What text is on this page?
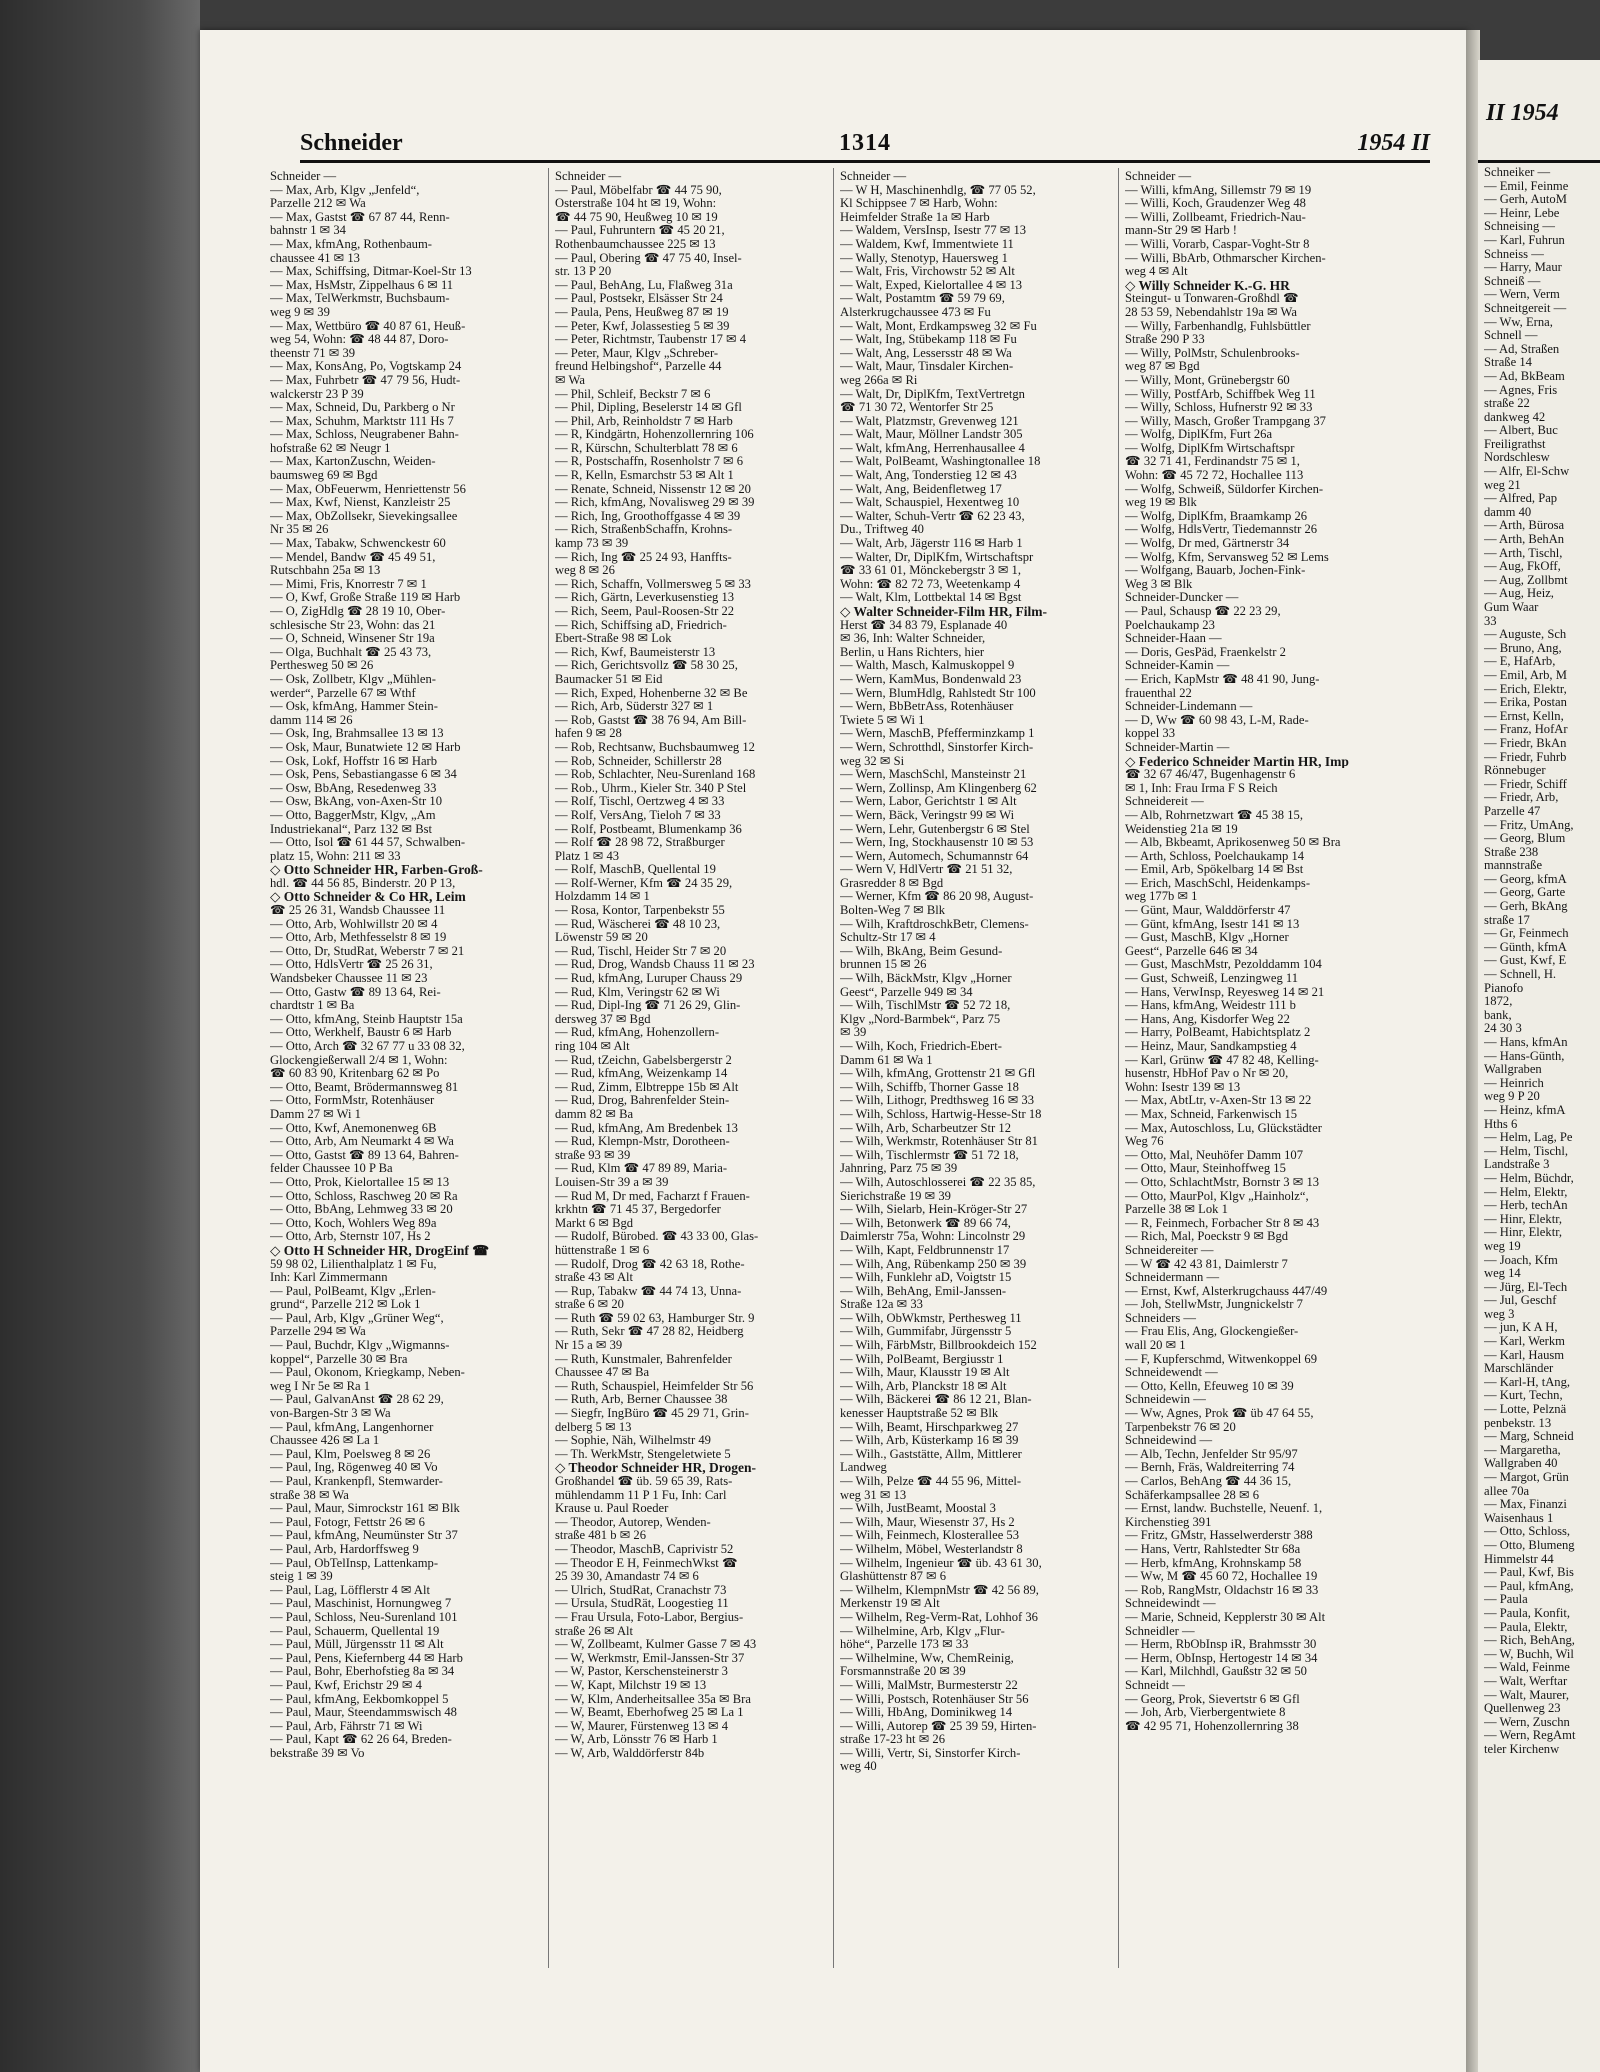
Schneider	1314	1954 II
Schneider —
— Max, Arb, Klgv „Jenfeld“,
Parzelle 212 ✉ Wa
— Max, Gastst ☎ 67 87 44, Renn-
bahnstr 1 ✉ 34
— Max, kfmAng, Rothenbaum-
chaussee 41 ✉ 13
— Max, Schiffsing, Ditmar-Koel-Str 13
— Max, HsMstr, Zippelhaus 6 ✉ 11
— Max, TelWerkmstr, Buchsbaum-
weg 9 ✉ 39
— Max, Wettbüro ☎ 40 87 61, Heuß-
weg 54, Wohn: ☎ 48 44 87, Doro-
theenstr 71 ✉ 39
— Max, KonsAng, Po, Vogtskamp 24
— Max, Fuhrbetr ☎ 47 79 56, Hudt-
walckerstr 23 P 39
— Max, Schneid, Du, Parkberg o Nr
— Max, Schuhm, Marktstr 111 Hs 7
— Max, Schloss, Neugrabener Bahn-
hofstraße 62 ✉ Neugr 1
— Max, KartonZuschn, Weiden-
baumsweg 69 ✉ Bgd
— Max, ObFeuerwm, Henriettenstr 56
— Max, Kwf, Nienst, Kanzleistr 25
— Max, ObZollsekr, Sievekingsallee
Nr 35 ✉ 26
— Max, Tabakw, Schwenckestr 60
— Mendel, Bandw ☎ 45 49 51,
Rutschbahn 25a ✉ 13
— Mimi, Fris, Knorrestr 7 ✉ 1
— O, Kwf, Große Straße 119 ✉ Harb
— O, ZigHdlg ☎ 28 19 10, Ober-
schlesische Str 23, Wohn: das 21
— O, Schneid, Winsener Str 19a
— Olga, Buchhalt ☎ 25 43 73,
Perthesweg 50 ✉ 26
— Osk, Zollbetr, Klgv „Mühlen-
werder“, Parzelle 67 ✉ Wthf
— Osk, kfmAng, Hammer Stein-
damm 114 ✉ 26
— Osk, Ing, Brahmsallee 13 ✉ 13
— Osk, Maur, Bunatwiete 12 ✉ Harb
— Osk, Lokf, Hoffstr 16 ✉ Harb
— Osk, Pens, Sebastiangasse 6 ✉ 34
— Osw, BbAng, Resedenweg 33
— Osw, BkAng, von-Axen-Str 10
— Otto, BaggerMstr, Klgv, „Am
Industriekanal“, Parz 132 ✉ Bst
— Otto, Isol ☎ 61 44 57, Schwalben-
platz 15, Wohn: 211 ✉ 33
◇ Otto Schneider HR, Farben-Groß-
hdl. ☎ 44 56 85, Binderstr. 20 P 13,
◇ Otto Schneider & Co HR, Leim
☎ 25 26 31, Wandsb Chaussee 11
— Otto, Arb, Wohlwillstr 20 ✉ 4
— Otto, Arb, Methfesselstr 8 ✉ 19
— Otto, Dr, StudRat, Weberstr 7 ✉ 21
— Otto, HdlsVertr ☎ 25 26 31,
Wandsbeker Chaussee 11 ✉ 23
— Otto, Gastw ☎ 89 13 64, Rei-
chardtstr 1 ✉ Ba
— Otto, kfmAng, Steinb Hauptstr 15a
— Otto, Werkhelf, Baustr 6 ✉ Harb
— Otto, Arch ☎ 32 67 77 u 33 08 32,
Glockengießerwall 2/4 ✉ 1, Wohn:
☎ 60 83 90, Kritenbarg 62 ✉ Po
— Otto, Beamt, Brödermannsweg 81
— Otto, FormMstr, Rotenhäuser
Damm 27 ✉ Wi 1
— Otto, Kwf, Anemonenweg 6B
— Otto, Arb, Am Neumarkt 4 ✉ Wa
— Otto, Gastst ☎ 89 13 64, Bahren-
felder Chaussee 10 P Ba
— Otto, Prok, Kielortallee 15 ✉ 13
— Otto, Schloss, Raschweg 20 ✉ Ra
— Otto, BbAng, Lehmweg 33 ✉ 20
— Otto, Koch, Wohlers Weg 89a
— Otto, Arb, Sternstr 107, Hs 2
◇ Otto H Schneider HR, DrogEinf ☎
59 98 02, Lilienthalplatz 1 ✉ Fu,
Inh: Karl Zimmermann
— Paul, PolBeamt, Klgv „Erlen-
grund“, Parzelle 212 ✉ Lok 1
— Paul, Arb, Klgv „Grüner Weg“,
Parzelle 294 ✉ Wa
— Paul, Buchdr, Klgv „Wigmanns-
koppel“, Parzelle 30 ✉ Bra
— Paul, Okonom, Kriegkamp, Neben-
weg I Nr 5e ✉ Ra 1
— Paul, GalvanAnst ☎ 28 62 29,
von-Bargen-Str 3 ✉ Wa
— Paul, kfmAng, Langenhorner
Chaussee 426 ✉ La 1
— Paul, Klm, Poelsweg 8 ✉ 26
— Paul, Ing, Rögenweg 40 ✉ Vo
— Paul, Krankenpfl, Stemwarder-
straße 38 ✉ Wa
— Paul, Maur, Simrockstr 161 ✉ Blk
— Paul, Fotogr, Fettstr 26 ✉ 6
— Paul, kfmAng, Neumünster Str 37
— Paul, Arb, Hardorffsweg 9
— Paul, ObTelInsp, Lattenkamp-
steig 1 ✉ 39
— Paul, Lag, Löfflerstr 4 ✉ Alt
— Paul, Maschinist, Hornungweg 7
— Paul, Schloss, Neu-Surenland 101
— Paul, Schauerm, Quellental 19
— Paul, Müll, Jürgensstr 11 ✉ Alt
— Paul, Pens, Kiefernberg 44 ✉ Harb
— Paul, Bohr, Eberhofstieg 8a ✉ 34
— Paul, Kwf, Erichstr 29 ✉ 4
— Paul, kfmAng, Eekbomkoppel 5
— Paul, Maur, Steendammswisch 48
— Paul, Arb, Fährstr 71 ✉ Wi
— Paul, Kapt ☎ 62 26 64, Breden-
bekstraße 39 ✉ Vo
Schneider —
— Paul, Möbelfabr ☎ 44 75 90,
Osterstraße 104 ht ✉ 19, Wohn:
☎ 44 75 90, Heußweg 10 ✉ 19
— Paul, Fuhruntern ☎ 45 20 21,
Rothenbaumchaussee 225 ✉ 13
— Paul, Obering ☎ 47 75 40, Insel-
str. 13 P 20
— Paul, BehAng, Lu, Flaßweg 31a
— Paul, Postsekr, Elsässer Str 24
— Paula, Pens, Heußweg 87 ✉ 19
— Peter, Kwf, Jolassestieg 5 ✉ 39
— Peter, Richtmstr, Taubenstr 17 ✉ 4
— Peter, Maur, Klgv „Schreber-
freund Helbingshof“, Parzelle 44
✉ Wa
— Phil, Schleif, Beckstr 7 ✉ 6
— Phil, Dipling, Beselerstr 14 ✉ Gfl
— Phil, Arb, Reinholdstr 7 ✉ Harb
— R, Kindgärtn, Hohenzollernring 106
— R, Kürschn, Schulterblatt 78 ✉ 6
— R, Postschaffn, Rosenholstr 7 ✉ 6
— R, Kelln, Esmarchstr 53 ✉ Alt 1
— Renate, Schneid, Nissenstr 12 ✉ 20
— Rich, kfmAng, Novalisweg 29 ✉ 39
— Rich, Ing, Groothoffgasse 4 ✉ 39
— Rich, StraßenbSchaffn, Krohns-
kamp 73 ✉ 39
— Rich, Ing ☎ 25 24 93, Hanffts-
weg 8 ✉ 26
— Rich, Schaffn, Vollmersweg 5 ✉ 33
— Rich, Gärtn, Leverkusenstieg 13
— Rich, Seem, Paul-Roosen-Str 22
— Rich, Schiffsing aD, Friedrich-
Ebert-Straße 98 ✉ Lok
— Rich, Kwf, Baumeisterstr 13
— Rich, Gerichtsvollz ☎ 58 30 25,
Baumacker 51 ✉ Eid
— Rich, Exped, Hohenberne 32 ✉ Be
— Rich, Arb, Süderstr 327 ✉ 1
— Rob, Gastst ☎ 38 76 94, Am Bill-
hafen 9 ✉ 28
— Rob, Rechtsanw, Buchsbaumweg 12
— Rob, Schneider, Schillerstr 28
— Rob, Schlachter, Neu-Surenland 168
— Rob., Uhrm., Kieler Str. 340 P Stel
— Rolf, Tischl, Oertzweg 4 ✉ 33
— Rolf, VersAng, Tieloh 7 ✉ 33
— Rolf, Postbeamt, Blumenkamp 36
— Rolf ☎ 28 98 72, Straßburger
Platz 1 ✉ 43
— Rolf, MaschB, Quellental 19
— Rolf-Werner, Kfm ☎ 24 35 29,
Holzdamm 14 ✉ 1
— Rosa, Kontor, Tarpenbekstr 55
— Rud, Wäscherei ☎ 48 10 23,
Löwenstr 59 ✉ 20
— Rud, Tischl, Heider Str 7 ✉ 20
— Rud, Drog, Wandsb Chauss 11 ✉ 23
— Rud, kfmAng, Luruper Chauss 29
— Rud, Klm, Veringstr 62 ✉ Wi
— Rud, Dipl-Ing ☎ 71 26 29, Glin-
dersweg 37 ✉ Bgd
— Rud, kfmAng, Hohenzollern-
ring 104 ✉ Alt
— Rud, tZeichn, Gabelsbergerstr 2
— Rud, kfmAng, Weizenkamp 14
— Rud, Zimm, Elbtreppe 15b ✉ Alt
— Rud, Drog, Bahrenfelder Stein-
damm 82 ✉ Ba
— Rud, kfmAng, Am Bredenbek 13
— Rud, Klempn-Mstr, Dorotheen-
straße 93 ✉ 39
— Rud, Klm ☎ 47 89 89, Maria-
Louisen-Str 39 a ✉ 39
— Rud M, Dr med, Facharzt f Frauen-
krkhtn ☎ 71 45 37, Bergedorfer
Markt 6 ✉ Bgd
— Rudolf, Bürobed. ☎ 43 33 00, Glas-
hüttenstraße 1 ✉ 6
— Rudolf, Drog ☎ 42 63 18, Rothe-
straße 43 ✉ Alt
— Rup, Tabakw ☎ 44 74 13, Unna-
straße 6 ✉ 20
— Ruth ☎ 59 02 63, Hamburger Str. 9
— Ruth, Sekr ☎ 47 28 82, Heidberg
Nr 15 a ✉ 39
— Ruth, Kunstmaler, Bahrenfelder
Chaussee 47 ✉ Ba
— Ruth, Schauspiel, Heimfelder Str 56
— Ruth, Arb, Berner Chaussee 38
— Siegfr, IngBüro ☎ 45 29 71, Grin-
delberg 5 ✉ 13
— Sophie, Näh, Wilhelmstr 49
— Th. WerkMstr, Stengeletwiete 5
◇ Theodor Schneider HR, Drogen-
Großhandel ☎ üb. 59 65 39, Rats-
mühlendamm 11 P 1 Fu, Inh: Carl
Krause u. Paul Roeder
— Theodor, Autorep, Wenden-
straße 481 b ✉ 26
— Theodor, MaschB, Caprivistr 52
— Theodor E H, FeinmechWkst ☎
25 39 30, Amandastr 74 ✉ 6
— Ulrich, StudRat, Cranachstr 73
— Ursula, StudRät, Loogestieg 11
— Frau Ursula, Foto-Labor, Bergius-
straße 26 ✉ Alt
— W, Zollbeamt, Kulmer Gasse 7 ✉ 43
— W, Werkmstr, Emil-Janssen-Str 37
— W, Pastor, Kerschensteinerstr 3
— W, Kapt, Milchstr 19 ✉ 13
— W, Klm, Anderheitsallee 35a ✉ Bra
— W, Beamt, Eberhofweg 25 ✉ La 1
— W, Maurer, Fürstenweg 13 ✉ 4
— W, Arb, Lönsstr 76 ✉ Harb 1
— W, Arb, Walddörferstr 84b
Schneider —
— W H, Maschinenhdlg, ☎ 77 05 52,
Kl Schippsee 7 ✉ Harb, Wohn:
Heimfelder Straße 1a ✉ Harb
— Waldem, VersInsp, Isestr 77 ✉ 13
— Waldem, Kwf, Immentwiete 11
— Wally, Stenotyp, Hauersweg 1
— Walt, Fris, Virchowstr 52 ✉ Alt
— Walt, Exped, Kielortallee 4 ✉ 13
— Walt, Postamtm ☎ 59 79 69,
Alsterkrugchaussee 473 ✉ Fu
— Walt, Mont, Erdkampsweg 32 ✉ Fu
— Walt, Ing, Stübekamp 118 ✉ Fu
— Walt, Ang, Lessersstr 48 ✉ Wa
— Walt, Maur, Tinsdaler Kirchen-
weg 266a ✉ Ri
— Walt, Dr, DiplKfm, TextVertretgn
☎ 71 30 72, Wentorfer Str 25
— Walt, Platzmstr, Grevenweg 121
— Walt, Maur, Möllner Landstr 305
— Walt, kfmAng, Herrenhausallee 4
— Walt, PolBeamt, Washingtonallee 18
— Walt, Ang, Tonderstieg 12 ✉ 43
— Walt, Ang, Beidenfletweg 17
— Walt, Schauspiel, Hexentweg 10
— Walter, Schuh-Vertr ☎ 62 23 43,
Du., Triftweg 40
— Walt, Arb, Jägerstr 116 ✉ Harb 1
— Walter, Dr, DiplKfm, Wirtschaftspr
☎ 33 61 01, Mönckebergstr 3 ✉ 1,
Wohn: ☎ 82 72 73, Weetenkamp 4
— Walt, Klm, Lottbektal 14 ✉ Bgst
◇ Walter Schneider-Film HR, Film-
Herst ☎ 34 83 79, Esplanade 40
✉ 36, Inh: Walter Schneider,
Berlin, u Hans Richters, hier
— Walth, Masch, Kalmuskoppel 9
— Wern, KamMus, Bondenwald 23
— Wern, BlumHdlg, Rahlstedt Str 100
— Wern, BbBetrAss, Rotenhäuser
Twiete 5 ✉ Wi 1
— Wern, MaschB, Pfefferminzkamp 1
— Wern, Schrotthdl, Sinstorfer Kirch-
weg 32 ✉ Si
— Wern, MaschSchl, Mansteinstr 21
— Wern, Zollinsp, Am Klingenberg 62
— Wern, Labor, Gerichtstr 1 ✉ Alt
— Wern, Bäck, Veringstr 99 ✉ Wi
— Wern, Lehr, Gutenbergstr 6 ✉ Stel
— Wern, Ing, Stockhausenstr 10 ✉ 53
— Wern, Automech, Schumannstr 64
— Wern V, HdlVertr ☎ 21 51 32,
Grasredder 8 ✉ Bgd
— Werner, Kfm ☎ 86 20 98, August-
Bolten-Weg 7 ✉ Blk
— Wilh, KraftdroschkBetr, Clemens-
Schultz-Str 17 ✉ 4
— Wilh, BkAng, Beim Gesund-
brunnen 15 ✉ 26
— Wilh, BäckMstr, Klgv „Horner
Geest“, Parzelle 949 ✉ 34
— Wilh, TischlMstr ☎ 52 72 18,
Klgv „Nord-Barmbek“, Parz 75
✉ 39
— Wilh, Koch, Friedrich-Ebert-
Damm 61 ✉ Wa 1
— Wilh, kfmAng, Grottenstr 21 ✉ Gfl
— Wilh, Schiffb, Thorner Gasse 18
— Wilh, Lithogr, Predthsweg 16 ✉ 33
— Wilh, Schloss, Hartwig-Hesse-Str 18
— Wilh, Arb, Scharbeutzer Str 12
— Wilh, Werkmstr, Rotenhäuser Str 81
— Wilh, Tischlermstr ☎ 51 72 18,
Jahnring, Parz 75 ✉ 39
— Wilh, Autoschlosserei ☎ 22 35 85,
Sierichstraße 19 ✉ 39
— Wilh, Sielarb, Hein-Kröger-Str 27
— Wilh, Betonwerk ☎ 89 66 74,
Daimlerstr 75a, Wohn: Lincolnstr 29
— Wilh, Kapt, Feldbrunnenstr 17
— Wilh, Ang, Rübenkamp 250 ✉ 39
— Wilh, Funklehr aD, Voigtstr 15
— Wilh, BehAng, Emil-Janssen-
Straße 12a ✉ 33
— Wilh, ObWkmstr, Perthesweg 11
— Wilh, Gummifabr, Jürgensstr 5
— Wilh, FärbMstr, Billbrookdeich 152
— Wilh, PolBeamt, Bergiusstr 1
— Wilh, Maur, Klausstr 19 ✉ Alt
— Wilh, Arb, Planckstr 18 ✉ Alt
— Wilh, Bäckerei ☎ 86 12 21, Blan-
kenesser Hauptstraße 52 ✉ Blk
— Wilh, Beamt, Hirschparkweg 27
— Wilh, Arb, Küsterkamp 16 ✉ 39
— Wilh., Gaststätte, Allm, Mittlerer
Landweg
— Wilh, Pelze ☎ 44 55 96, Mittel-
weg 31 ✉ 13
— Wilh, JustBeamt, Moostal 3
— Wilh, Maur, Wiesenstr 37, Hs 2
— Wilh, Feinmech, Klosterallee 53
— Wilhelm, Möbel, Westerlandstr 8
— Wilhelm, Ingenieur ☎ üb. 43 61 30,
Glashüttenstr 87 ✉ 6
— Wilhelm, KlempnMstr ☎ 42 56 89,
Merkenstr 19 ✉ Alt
— Wilhelm, Reg-Verm-Rat, Lohhof 36
— Wilhelmine, Arb, Klgv „Flur-
höhe“, Parzelle 173 ✉ 33
— Wilhelmine, Ww, ChemReinig,
Forsmannstraße 20 ✉ 39
— Willi, MalMstr, Burmesterstr 22
— Willi, Postsch, Rotenhäuser Str 56
— Willi, HbAng, Dominikweg 14
— Willi, Autorep ☎ 25 39 59, Hirten-
straße 17-23 ht ✉ 26
— Willi, Vertr, Si, Sinstorfer Kirch-
weg 40
Schneider —
— Willi, kfmAng, Sillemstr 79 ✉ 19
— Willi, Koch, Graudenzer Weg 48
— Willi, Zollbeamt, Friedrich-Nau-
mann-Str 29 ✉ Harb !
— Willi, Vorarb, Caspar-Voght-Str 8
— Willi, BbArb, Othmarscher Kirchen-
weg 4 ✉ Alt
◇ Willy Schneider K.-G. HR
Steingut- u Tonwaren-Großhdl ☎
28 53 59, Nebendahlstr 19a ✉ Wa
— Willy, Farbenhandlg, Fuhlsbüttler
Straße 290 P 33
— Willy, PolMstr, Schulenbrooks-
weg 87 ✉ Bgd
— Willy, Mont, Grünebergstr 60
— Willy, PostfArb, Schiffbek Weg 11
— Willy, Schloss, Hufnerstr 92 ✉ 33
— Willy, Masch, Großer Trampgang 37
— Wolfg, DiplKfm, Furt 26a
— Wolfg, DiplKfm Wirtschaftspr
☎ 32 71 41, Ferdinandstr 75 ✉ 1,
Wohn: ☎ 45 72 72, Hochallee 113
— Wolfg, Schweiß, Süldorfer Kirchen-
weg 19 ✉ Blk
— Wolfg, DiplKfm, Braamkamp 26
— Wolfg, HdlsVertr, Tiedemannstr 26
— Wolfg, Dr med, Gärtnerstr 34
— Wolfg, Kfm, Servansweg 52 ✉ Lems
— Wolfgang, Bauarb, Jochen-Fink-
Weg 3 ✉ Blk
Schneider-Duncker —
— Paul, Schausp ☎ 22 23 29,
Poelchaukamp 23
Schneider-Haan —
— Doris, GesPäd, Fraenkelstr 2
Schneider-Kamin —
— Erich, KapMstr ☎ 48 41 90, Jung-
frauenthal 22
Schneider-Lindemann —
— D, Ww ☎ 60 98 43, L-M, Rade-
koppel 33
Schneider-Martin —
◇ Federico Schneider Martin HR, Imp
☎ 32 67 46/47, Bugenhagenstr 6
✉ 1, Inh: Frau Irma F S Reich
Schneidereit —
— Alb, Rohrnetzwart ☎ 45 38 15,
Weidenstieg 21a ✉ 19
— Alb, Bkbeamt, Aprikosenweg 50 ✉ Bra
— Arth, Schloss, Poelchaukamp 14
— Emil, Arb, Spökelbarg 14 ✉ Bst
— Erich, MaschSchl, Heidenkamps-
weg 177b ✉ 1
— Günt, Maur, Walddörferstr 47
— Günt, kfmAng, Isestr 141 ✉ 13
— Gust, MaschB, Klgv „Horner
Geest“, Parzelle 646 ✉ 34
— Gust, MaschMstr, Pezolddamm 104
— Gust, Schweiß, Lenzingweg 11
— Hans, VerwInsp, Reyesweg 14 ✉ 21
— Hans, kfmAng, Weidestr 111 b
— Hans, Ang, Kisdorfer Weg 22
— Harry, PolBeamt, Habichtsplatz 2
— Heinz, Maur, Sandkampstieg 4
— Karl, Grünw ☎ 47 82 48, Kelling-
husenstr, HbHof Pav o Nr ✉ 20,
Wohn: Isestr 139 ✉ 13
— Max, AbtLtr, v-Axen-Str 13 ✉ 22
— Max, Schneid, Farkenwisch 15
— Max, Autoschloss, Lu, Glückstädter
Weg 76
— Otto, Mal, Neuhöfer Damm 107
— Otto, Maur, Steinhoffweg 15
— Otto, SchlachtMstr, Bornstr 3 ✉ 13
— Otto, MaurPol, Klgv „Hainholz“,
Parzelle 38 ✉ Lok 1
— R, Feinmech, Forbacher Str 8 ✉ 43
— Rich, Mal, Poeckstr 9 ✉ Bgd
Schneidereiter —
— W ☎ 42 43 81, Daimlerstr 7
Schneidermann —
— Ernst, Kwf, Alsterkrugchauss 447/49
— Joh, StellwMstr, Jungnickelstr 7
Schneiders —
— Frau Elis, Ang, Glockengießer-
wall 20 ✉ 1
— F, Kupferschmd, Witwenkoppel 69
Schneidewendt —
— Otto, Kelln, Efeuweg 10 ✉ 39
Schneidewin —
— Ww, Agnes, Prok ☎ üb 47 64 55,
Tarpenbekstr 76 ✉ 20
Schneidewind —
— Alb, Techn, Jenfelder Str 95/97
— Bernh, Fräs, Waldreiterring 74
— Carlos, BehAng ☎ 44 36 15,
Schäferkampsallee 28 ✉ 6
— Ernst, landw. Buchstelle, Neuenf. 1,
Kirchenstieg 391
— Fritz, GMstr, Hasselwerderstr 388
— Hans, Vertr, Rahlstedter Str 68a
— Herb, kfmAng, Krohnskamp 58
— Ww, M ☎ 45 60 72, Hochallee 19
— Rob, RangMstr, Oldachstr 16 ✉ 33
Schneidewindt —
— Marie, Schneid, Kepplerstr 30 ✉ Alt
Schneidler —
— Herm, RbObInsp iR, Brahmsstr 30
— Herm, ObInsp, Hertogestr 14 ✉ 34
— Karl, Milchhdl, Gaußstr 32 ✉ 50
Schneidt —
— Georg, Prok, Sievertstr 6 ✉ Gfl
— Joh, Arb, Vierbergentwiete 8
☎ 42 95 71, Hohenzollernring 38
II 1954
Schneiker —
— Emil, Feinme
— Gerh, AutoM
— Heinr, Lebe
Schneising —
— Karl, Fuhrun
Schneiss —
— Harry, Maur
Schneiß —
— Wern, Verm
Schneitgereit —
— Ww, Erna,
Schnell —
— Ad, Straßen
Straße 14
— Ad, BkBeam
— Agnes, Fris
straße 22
dankweg 42
— Albert, Buc
Freiligrathst
Nordschlesw
— Alfr, El-Schw
weg 21
— Alfred, Pap
damm 40
— Arth, Bürosa
— Arth, BehAn
— Arth, Tischl,
— Aug, FkOff,
— Aug, Zollbmt
— Aug, Heiz,
Gum Waar
33
— Auguste, Sch
— Bruno, Ang,
— E, HafArb,
— Emil, Arb, M
— Erich, Elektr,
— Erika, Postan
— Ernst, Kelln,
— Franz, HofAr
— Friedr, BkAn
— Friedr, Fuhrb
Rönnebuger
— Friedr, Schiff
— Friedr, Arb,
Parzelle 47
— Fritz, UmAng,
— Georg, Blum
Straße 238
mannstraße
— Georg, kfmA
— Georg, Garte
— Gerh, BkAng
straße 17
— Gr, Feinmech
— Günth, kfmA
— Gust, Kwf, E
— Schnell, H.
Pianofo
1872,
bank,
24 30 3
— Hans, kfmAn
— Hans-Günth,
Wallgraben
— Heinrich
weg 9 P 20
— Heinz, kfmA
Hths 6
— Helm, Lag, Pe
— Helm, Tischl,
Landstraße 3
— Helm, Büchdr,
— Helm, Elektr,
— Herb, techAn
— Hinr, Elektr,
— Hinr, Elektr,
weg 19
— Joach, Kfm
weg 14
— Jürg, El-Tech
— Jul, Geschf
weg 3
— jun, K A H,
— Karl, Werkm
— Karl, Hausm
Marschländer
— Karl-H, tAng,
— Kurt, Techn,
— Lotte, Pelznä
penbekstr. 13
— Marg, Schneid
— Margaretha,
Wallgraben 40
— Margot, Grün
allee 70a
— Max, Finanzi
Waisenhaus 1
— Otto, Schloss,
— Otto, Blumeng
Himmelstr 44
— Paul, Kwf, Bis
— Paul, kfmAng,
— Paula
— Paula, Konfit,
— Paula, Elektr,
— Rich, BehAng,
— W, Buchh, Wil
— Wald, Feinme
— Walt, Werftar
— Walt, Maurer,
Quellenweg 23
— Wern, Zuschn
— Wern, RegAmt
teler Kirchenw
